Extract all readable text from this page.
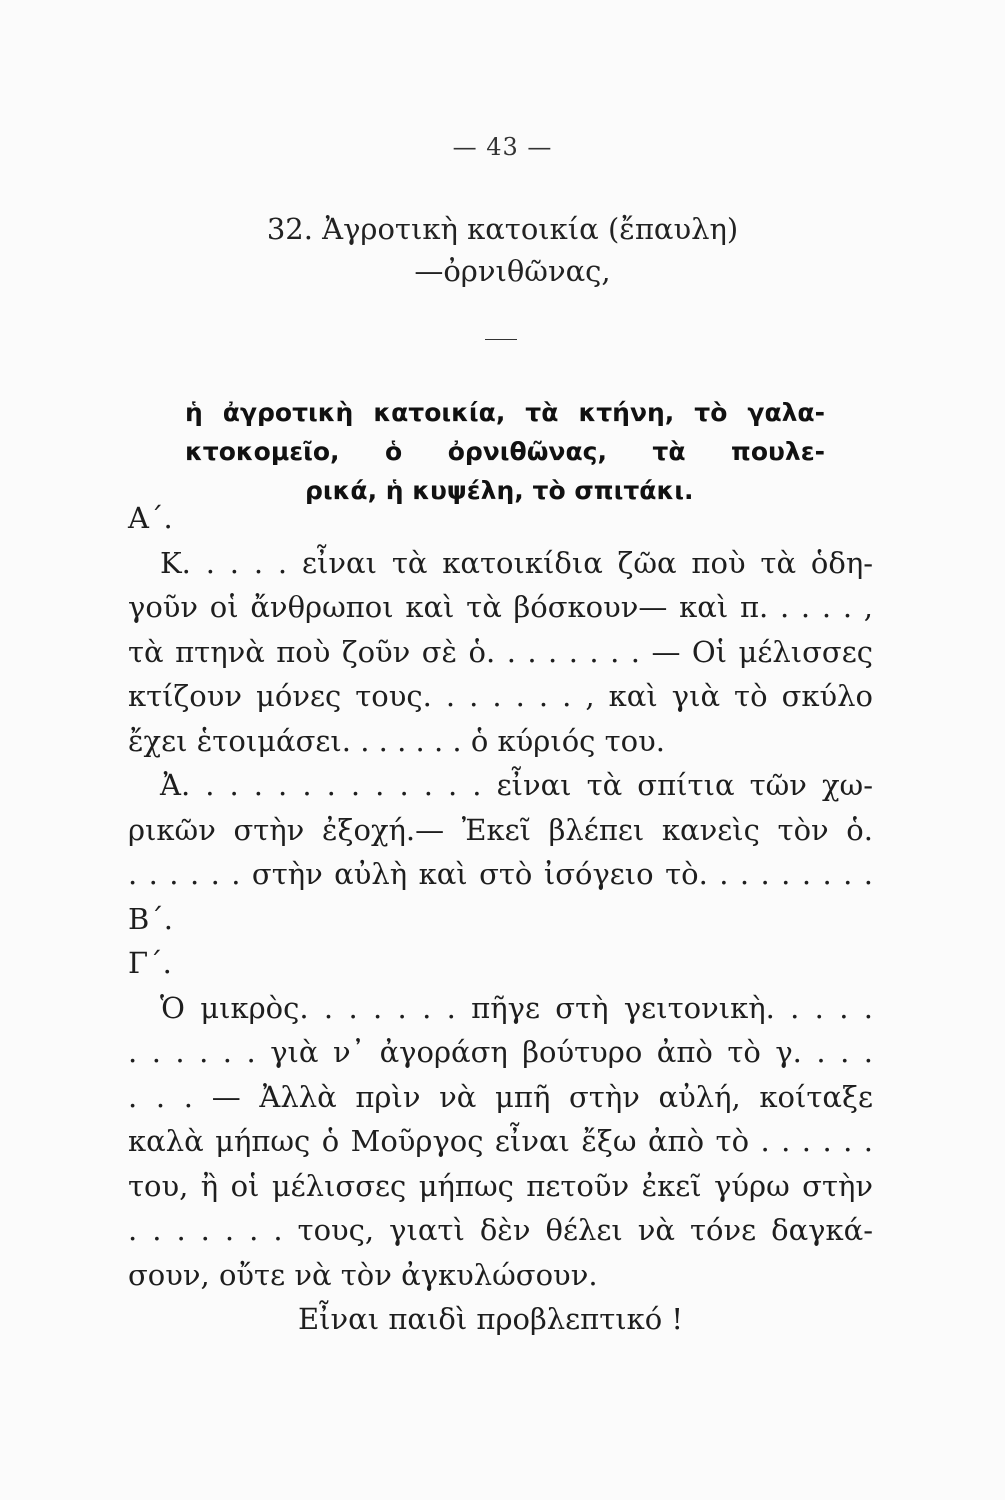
— 43 —
32. Ἀγροτικὴ κατοικία (ἔπαυλη)
—ὀρνιθῶνας,
ἡ ἀγροτικὴ κατοικία, τὰ κτήνη, τὸ γαλα-
κτοκομεῖο, ὁ ὀρνιθῶνας, τὰ πουλε-
ρικά, ἡ κυψέλη, τὸ σπιτάκι.
Α΄.
Κ. . . . . εἶναι τὰ κατοικίδια ζῶα ποὺ τὰ ὁδη-
γοῦν οἱ ἄνθρωποι καὶ τὰ βόσκουν— καὶ π. . . . . ,
τὰ πτηνὰ ποὺ ζοῦν σὲ ὁ. . . . . . . . — Οἱ μέλισσες
κτίζουν μόνες τους. . . . . . . , καὶ γιὰ τὸ σκύλο
ἔχει ἑτοιμάσει. . . . . . . ὁ κύριός του.
Ἀ. . . . . . . . . . . . . εἶναι τὰ σπίτια τῶν χω-
ρικῶν στὴν ἐξοχή.— Ἐκεῖ βλέπει κανεὶς τὸν ὁ.
. . . . . . στὴν αὐλὴ καὶ στὸ ἰσόγειο τὸ. . . . . . . . .
Β΄.
Γ΄.
Ὁ μικρὸς. . . . . . . πῆγε στὴ γειτονικὴ. . . . .
. . . . . . γιὰ ν᾿ ἀγοράση βούτυρο ἀπὸ τὸ γ. . . .
. . . — Ἀλλὰ πρὶν νὰ μπῆ στὴν αὐλή, κοίταξε
καλὰ μήπως ὁ Μοῦργος εἶναι ἔξω ἀπὸ τὸ . . . . . .
του, ἢ οἱ μέλισσες μήπως πετοῦν ἐκεῖ γύρω στὴν
. . . . . . . τους, γιατὶ δὲν θέλει νὰ τόνε δαγκά-
σουν, οὔτε νὰ τὸν ἀγκυλώσουν.
Εἶναι παιδὶ προβλεπτικό !
